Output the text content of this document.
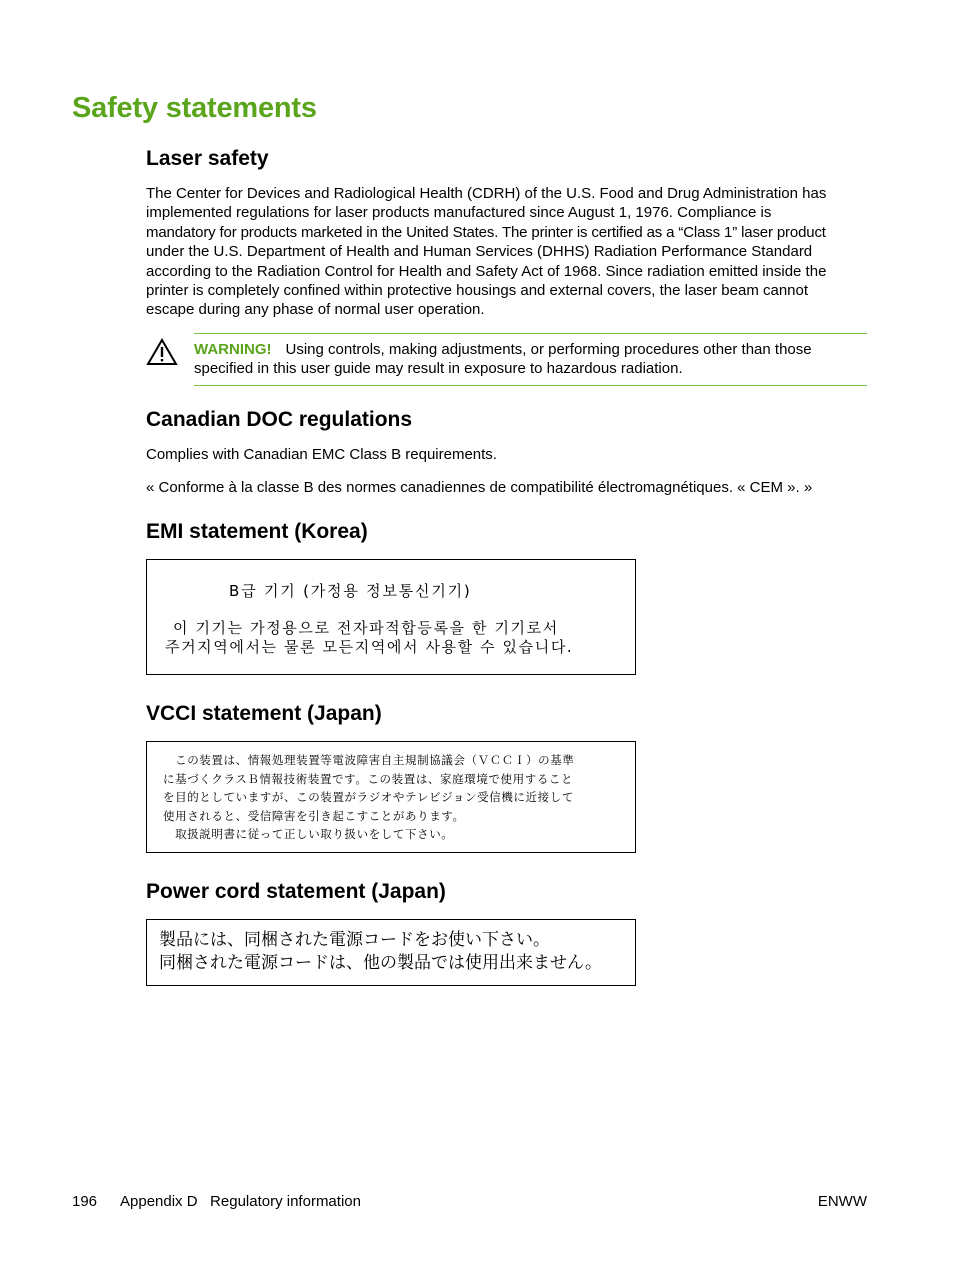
Safety statements
Laser safety
The Center for Devices and Radiological Health (CDRH) of the U.S. Food and Drug Administration has
implemented regulations for laser products manufactured since August 1, 1976. Compliance is
mandatory for products marketed in the United States. The printer is certified as a “Class 1” laser product
under the U.S. Department of Health and Human Services (DHHS) Radiation Performance Standard
according to the Radiation Control for Health and Safety Act of 1968. Since radiation emitted inside the
printer is completely confined within protective housings and external covers, the laser beam cannot
escape during any phase of normal user operation.
WARNING! Using controls, making adjustments, or performing procedures other than those
specified in this user guide may result in exposure to hazardous radiation.
Canadian DOC regulations

Complies with Canadian EMC Class B requirements.

« Conforme à la classe B des normes canadiennes de compatibilité électromagnétiques. « CEM ». »

EMI statement (Korea)
B급 기기 (가정용 정보통신기기)
이 기기는 가정용으로 전자파적합등록을 한 기기로서
주거지역에서는 물론 모든지역에서 사용할 수 있습니다.
VCCI statement (Japan)
　この装置は、情報処理装置等電波障害自主規制協議会（ＶＣＣＩ）の基準
に基づくクラスＢ情報技術装置です。この装置は、家庭環境で使用すること
を目的としていますが、この装置がラジオやテレビジョン受信機に近接して
使用されると、受信障害を引き起こすことがあります。
　取扱説明書に従って正しい取り扱いをして下さい。
Power cord statement (Japan)
製品には、同梱された電源コードをお使い下さい。
同梱された電源コードは、他の製品では使用出来ません。
196 Appendix D   Regulatory information	ENWW
